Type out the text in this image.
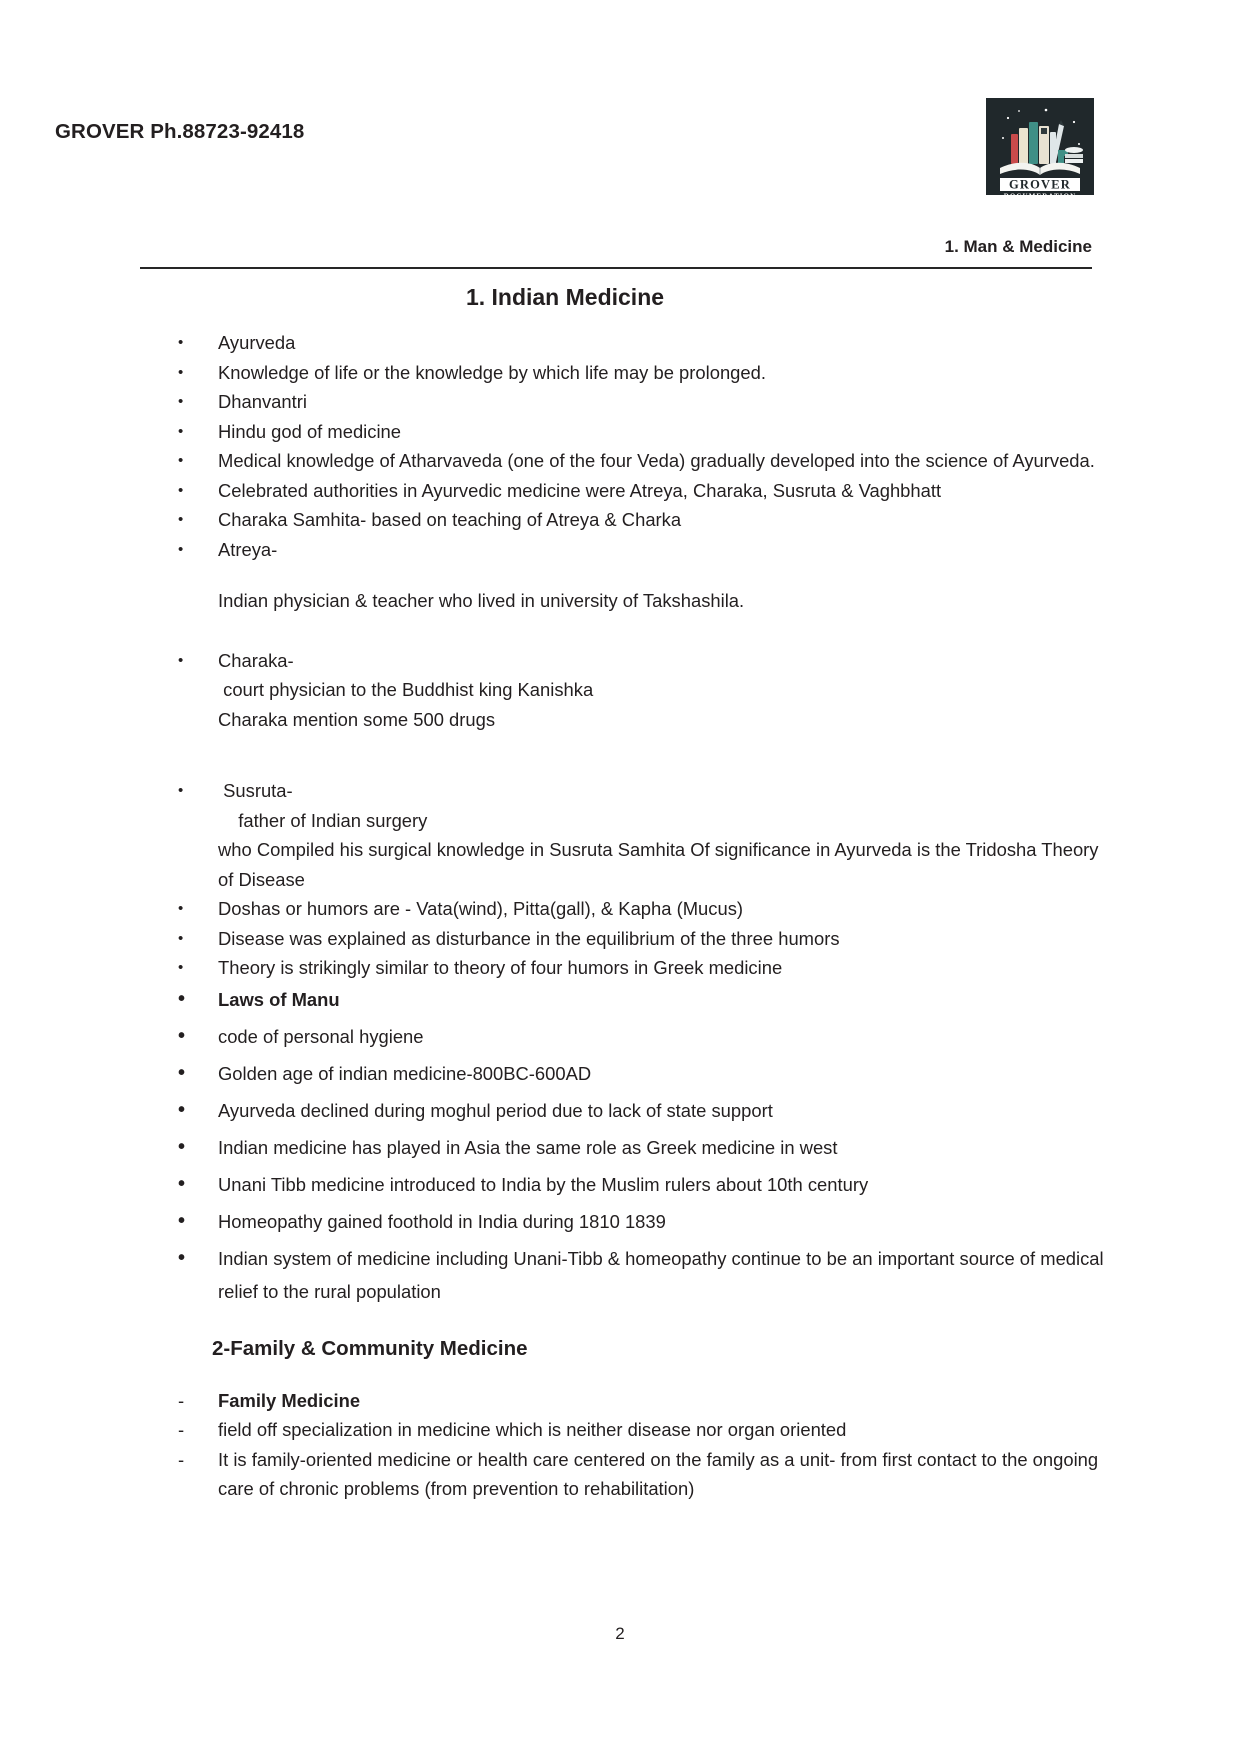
GROVER Ph.88723-92418
GROVER
DOCUMERATION
1. Man & Medicine
1. Indian Medicine
•	Ayurveda
•	Knowledge of life or the knowledge by which life may be prolonged.
•	Dhanvantri
•	Hindu god of medicine
•	Medical knowledge of Atharvaveda (one of the four Veda) gradually developed into the science of Ayurveda.
•	Celebrated authorities in Ayurvedic medicine were Atreya, Charaka, Susruta & Vaghbhatt
•	Charaka Samhita- based on teaching of Atreya & Charka
•	Atreya-
Indian physician & teacher who lived in university of Takshashila.
•	Charaka-
court physician to the Buddhist king Kanishka
Charaka mention some 500 drugs
•	Susruta-
father of Indian surgery
who Compiled his surgical knowledge in Susruta Samhita Of significance in Ayurveda is the Tridosha Theory of Disease
•	Doshas or humors are - Vata(wind), Pitta(gall), & Kapha (Mucus)
•	Disease was explained as disturbance in the equilibrium of the three humors
•	Theory is strikingly similar to theory of four humors in Greek medicine
•	Laws of Manu
•	code of personal hygiene
•	Golden age of indian medicine-800BC-600AD
•	Ayurveda declined during moghul period due to lack of state support
•	Indian medicine has played in Asia the same role as Greek medicine in west
•	Unani Tibb medicine introduced to India by the Muslim rulers about 10th century
•	Homeopathy gained foothold in India during 1810 1839
•	Indian system of medicine including Unani-Tibb & homeopathy continue to be an important source of medical relief to the rural population
2-Family & Community Medicine
-	Family Medicine
-	field off specialization in medicine which is neither disease nor organ oriented
-	It is family-oriented medicine or health care centered on the family as a unit- from first contact to the ongoing care of chronic problems (from prevention to rehabilitation)
2
